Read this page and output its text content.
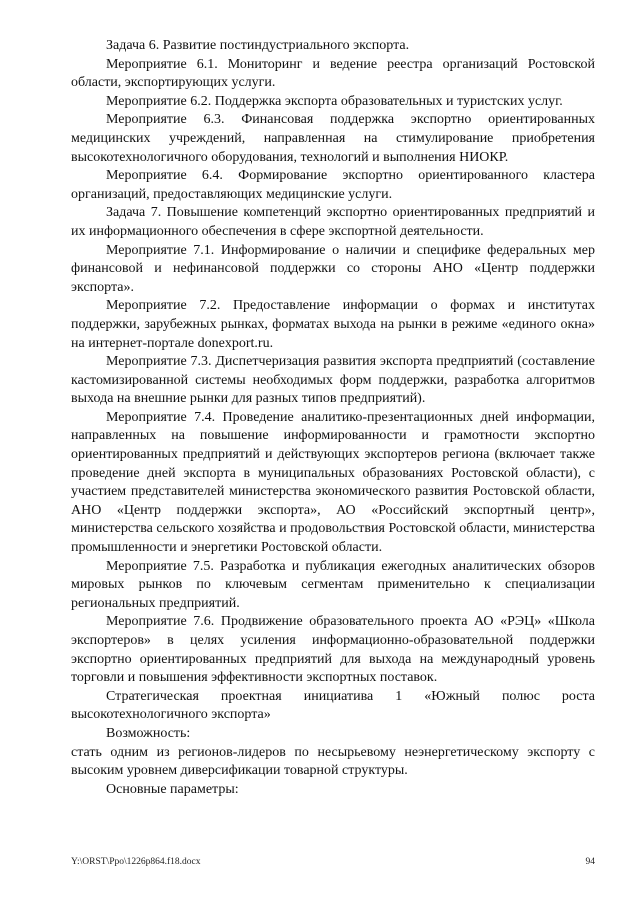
Задача 6. Развитие постиндустриального экспорта.

Мероприятие 6.1. Мониторинг и ведение реестра организаций Ростовской области, экспортирующих услуги.

Мероприятие 6.2. Поддержка экспорта образовательных и туристских услуг.

Мероприятие 6.3. Финансовая поддержка экспортно ориентированных медицинских учреждений, направленная на стимулирование приобретения высокотехнологичного оборудования, технологий и выполнения НИОКР.

Мероприятие 6.4. Формирование экспортно ориентированного кластера организаций, предоставляющих медицинские услуги.

Задача 7. Повышение компетенций экспортно ориентированных предприятий и их информационного обеспечения в сфере экспортной деятельности.

Мероприятие 7.1. Информирование о наличии и специфике федеральных мер финансовой и нефинансовой поддержки со стороны АНО «Центр поддержки экспорта».

Мероприятие 7.2. Предоставление информации о формах и институтах поддержки, зарубежных рынках, форматах выхода на рынки в режиме «единого окна» на интернет-портале donexport.ru.

Мероприятие 7.3. Диспетчеризация развития экспорта предприятий (составление кастомизированной системы необходимых форм поддержки, разработка алгоритмов выхода на внешние рынки для разных типов предприятий).

Мероприятие 7.4. Проведение аналитико-презентационных дней информации, направленных на повышение информированности и грамотности экспортно ориентированных предприятий и действующих экспортеров региона (включает также проведение дней экспорта в муниципальных образованиях Ростовской области), с участием представителей министерства экономического развития Ростовской области, АНО «Центр поддержки экспорта», АО «Российский экспортный центр», министерства сельского хозяйства и продовольствия Ростовской области, министерства промышленности и энергетики Ростовской области.

Мероприятие 7.5. Разработка и публикация ежегодных аналитических обзоров мировых рынков по ключевым сегментам применительно к специализации региональных предприятий.

Мероприятие 7.6. Продвижение образовательного проекта АО «РЭЦ» «Школа экспортеров» в целях усиления информационно-образовательной поддержки экспортно ориентированных предприятий для выхода на международный уровень торговли и повышения эффективности экспортных поставок.

Стратегическая проектная инициатива 1 «Южный полюс роста высокотехнологичного экспорта»

Возможность:

стать одним из регионов-лидеров по несырьевому неэнергетическому экспорту с высоким уровнем диверсификации товарной структуры.

Основные параметры:

Y:\ORST\Ppo\1226p864.f18.docx	94
